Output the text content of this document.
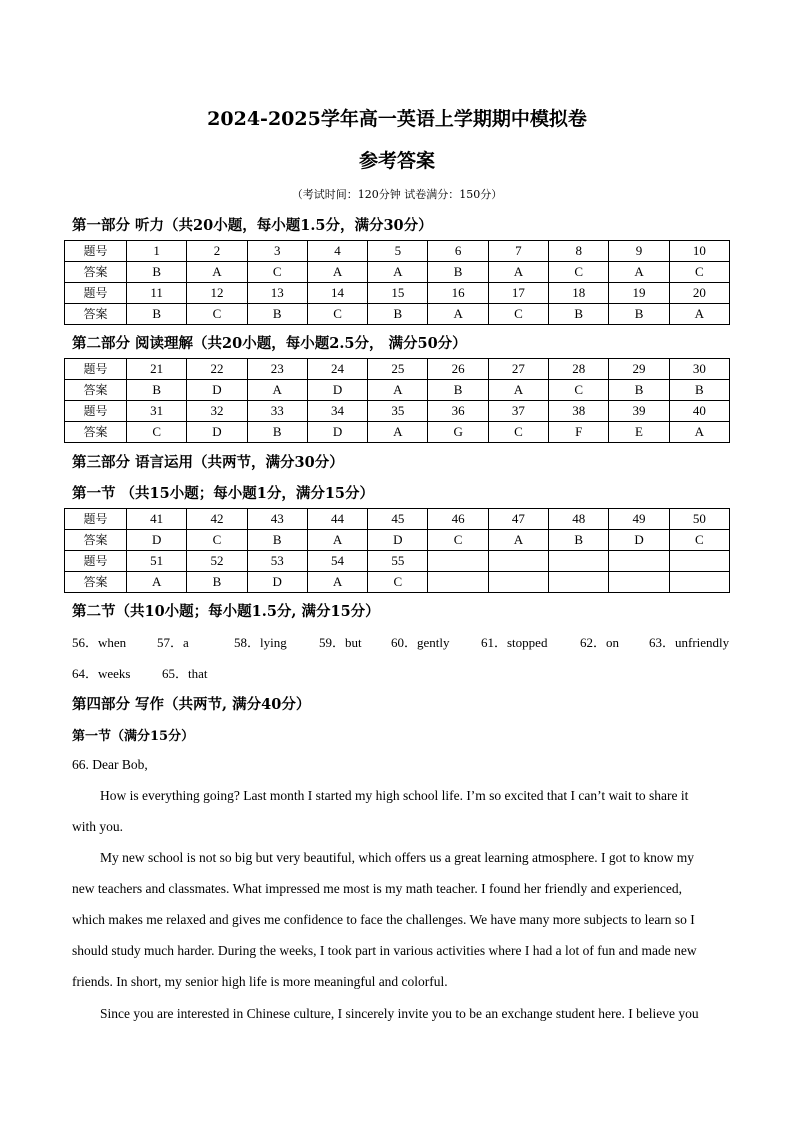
2024-2025学年高一英语上学期期中模拟卷
参考答案
（考试时间：120分钟 试卷满分：150分）
第一部分 听力（共20小题，每小题1.5分，满分30分）
题号	1	2	3	4	5	6	7	8	9	10
答案	B	A	C	A	A	B	A	C	A	C
题号	11	12	13	14	15	16	17	18	19	20
答案	B	C	B	C	B	A	C	B	B	A
第二部分 阅读理解（共20小题，每小题2.5分， 满分50分）
题号	21	22	23	24	25	26	27	28	29	30
答案	B	D	A	D	A	B	A	C	B	B
题号	31	32	33	34	35	36	37	38	39	40
答案	C	D	B	D	A	G	C	F	E	A
第三部分 语言运用（共两节，满分30分）
第一节 （共15小题；每小题1分，满分15分）
题号	41	42	43	44	45	46	47	48	49	50
答案	D	C	B	A	D	C	A	B	D	C
题号	51	52	53	54	55					
答案	A	B	D	A	C					
第二节（共10小题；每小题1.5分, 满分15分）
56．when 57．a	58．lying 59．but 60．gently 61．stopped	62．on 63．unfriendly
64．weeks 65．that
第四部分 写作（共两节, 满分40分）
第一节（满分15分）
66. Dear Bob,
How is everything going? Last month I started my high school life. I’m so excited that I can’t wait to share it
with you.
My new school is not so big but very beautiful, which offers us a great learning atmosphere. I got to know my
new teachers and classmates. What impressed me most is my math teacher. I found her friendly and experienced,
which makes me relaxed and gives me confidence to face the challenges. We have many more subjects to learn so I
should study much harder. During the weeks, I took part in various activities where I had a lot of fun and made new
friends. In short, my senior high life is more meaningful and colorful.
Since you are interested in Chinese culture, I sincerely invite you to be an exchange student here. I believe you
